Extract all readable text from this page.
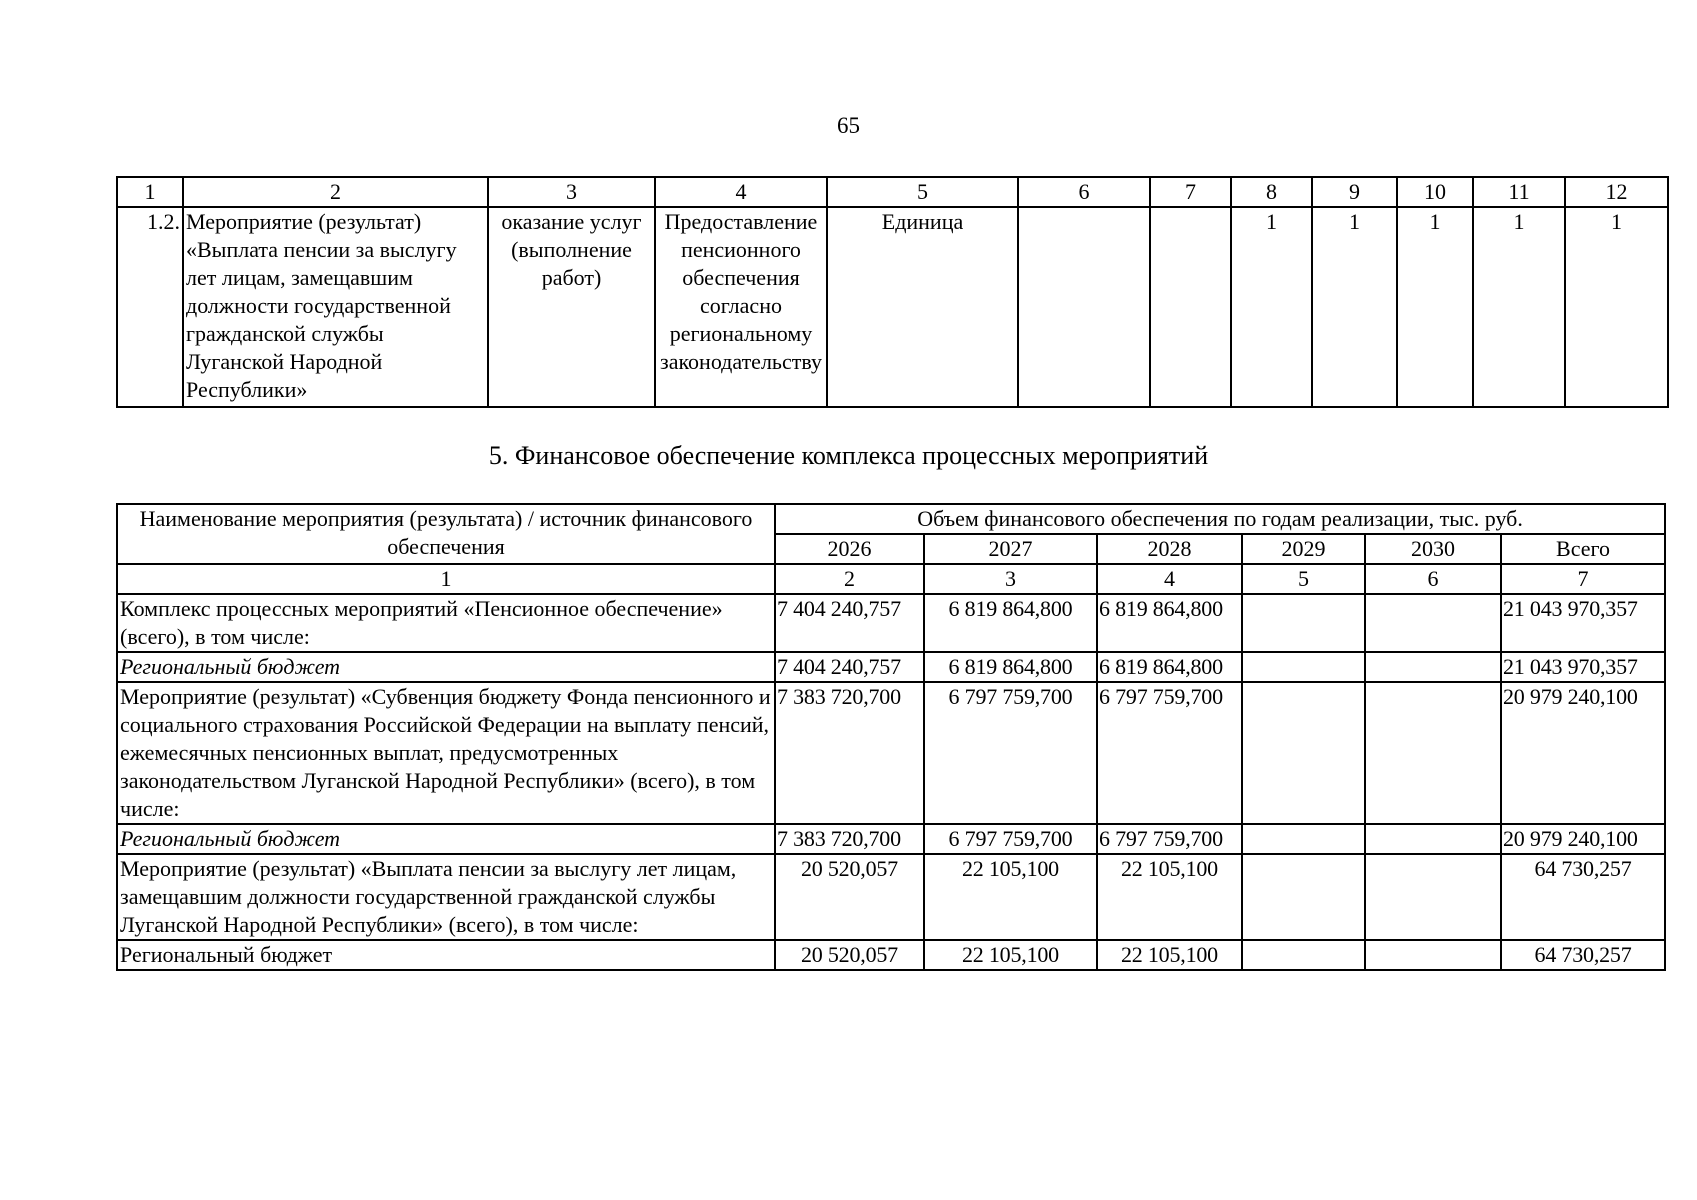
65
1	2	3	4	5	6	7	8	9	10	11	12
1.2.	Мероприятие (результат) «Выплата пенсии за выслугу лет лицам, замещавшим должности государственной гражданской службы Луганской Народной Республики»	оказание услуг (выполнение работ)	Предоставление пенсионного обеспечения согласно региональному законодательству	Единица			1	1	1	1	1
5. Финансовое обеспечение комплекса процессных мероприятий
Наименование мероприятия (результата) / источник финансового обеспечения	Объем финансового обеспечения по годам реализации, тыс. руб.					
	2026	2027	2028	2029	2030	Всего
1	2	3	4	5	6	7
Комплекс процессных мероприятий «Пенсионное обеспечение» (всего), в том числе:	7 404 240,757	6 819 864,800	6 819 864,800			21 043 970,357
Региональный бюджет	7 404 240,757	6 819 864,800	6 819 864,800			21 043 970,357
Мероприятие (результат) «Субвенция бюджету Фонда пенсионного и социального страхования Российской Федерации на выплату пенсий, ежемесячных пенсионных выплат, предусмотренных законодательством Луганской Народной Республики» (всего), в том числе:	7 383 720,700	6 797 759,700	6 797 759,700			20 979 240,100
Региональный бюджет	7 383 720,700	6 797 759,700	6 797 759,700			20 979 240,100
Мероприятие (результат) «Выплата пенсии за выслугу лет лицам, замещавшим должности государственной гражданской службы Луганской Народной Республики» (всего), в том числе:	20 520,057	22 105,100	22 105,100			64 730,257
Региональный бюджет	20 520,057	22 105,100	22 105,100			64 730,257
